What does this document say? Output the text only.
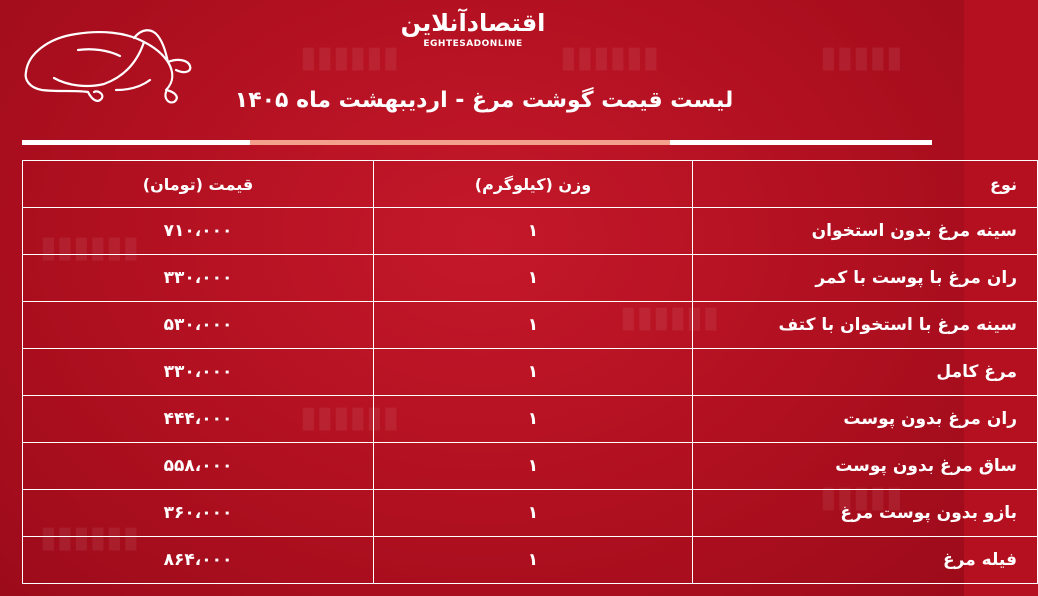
▮▮▮▮▮▮	▮▮▮▮▮▮	▮▮▮▮▮
▮▮▮▮▮▮
▮▮▮▮▮▮
▮▮▮▮▮▮
▮▮▮▮▮▮
▮▮▮▮▮
اقتصادآنلاین
EGHTESADONLINE
لیست قیمت گوشت مرغ - اردیبهشت ماه ۱۴۰۵
نوع	وزن (کیلوگرم)	قیمت (تومان)
سینه مرغ بدون استخوان	۱	۷۱۰،۰۰۰
ران مرغ با پوست با کمر	۱	۳۳۰،۰۰۰
سینه مرغ با استخوان با کتف	۱	۵۳۰،۰۰۰
مرغ کامل	۱	۳۳۰،۰۰۰
ران مرغ بدون پوست	۱	۴۴۴،۰۰۰
ساق مرغ بدون پوست	۱	۵۵۸،۰۰۰
بازو بدون پوست مرغ	۱	۳۶۰،۰۰۰
فیله مرغ	۱	۸۶۴،۰۰۰
